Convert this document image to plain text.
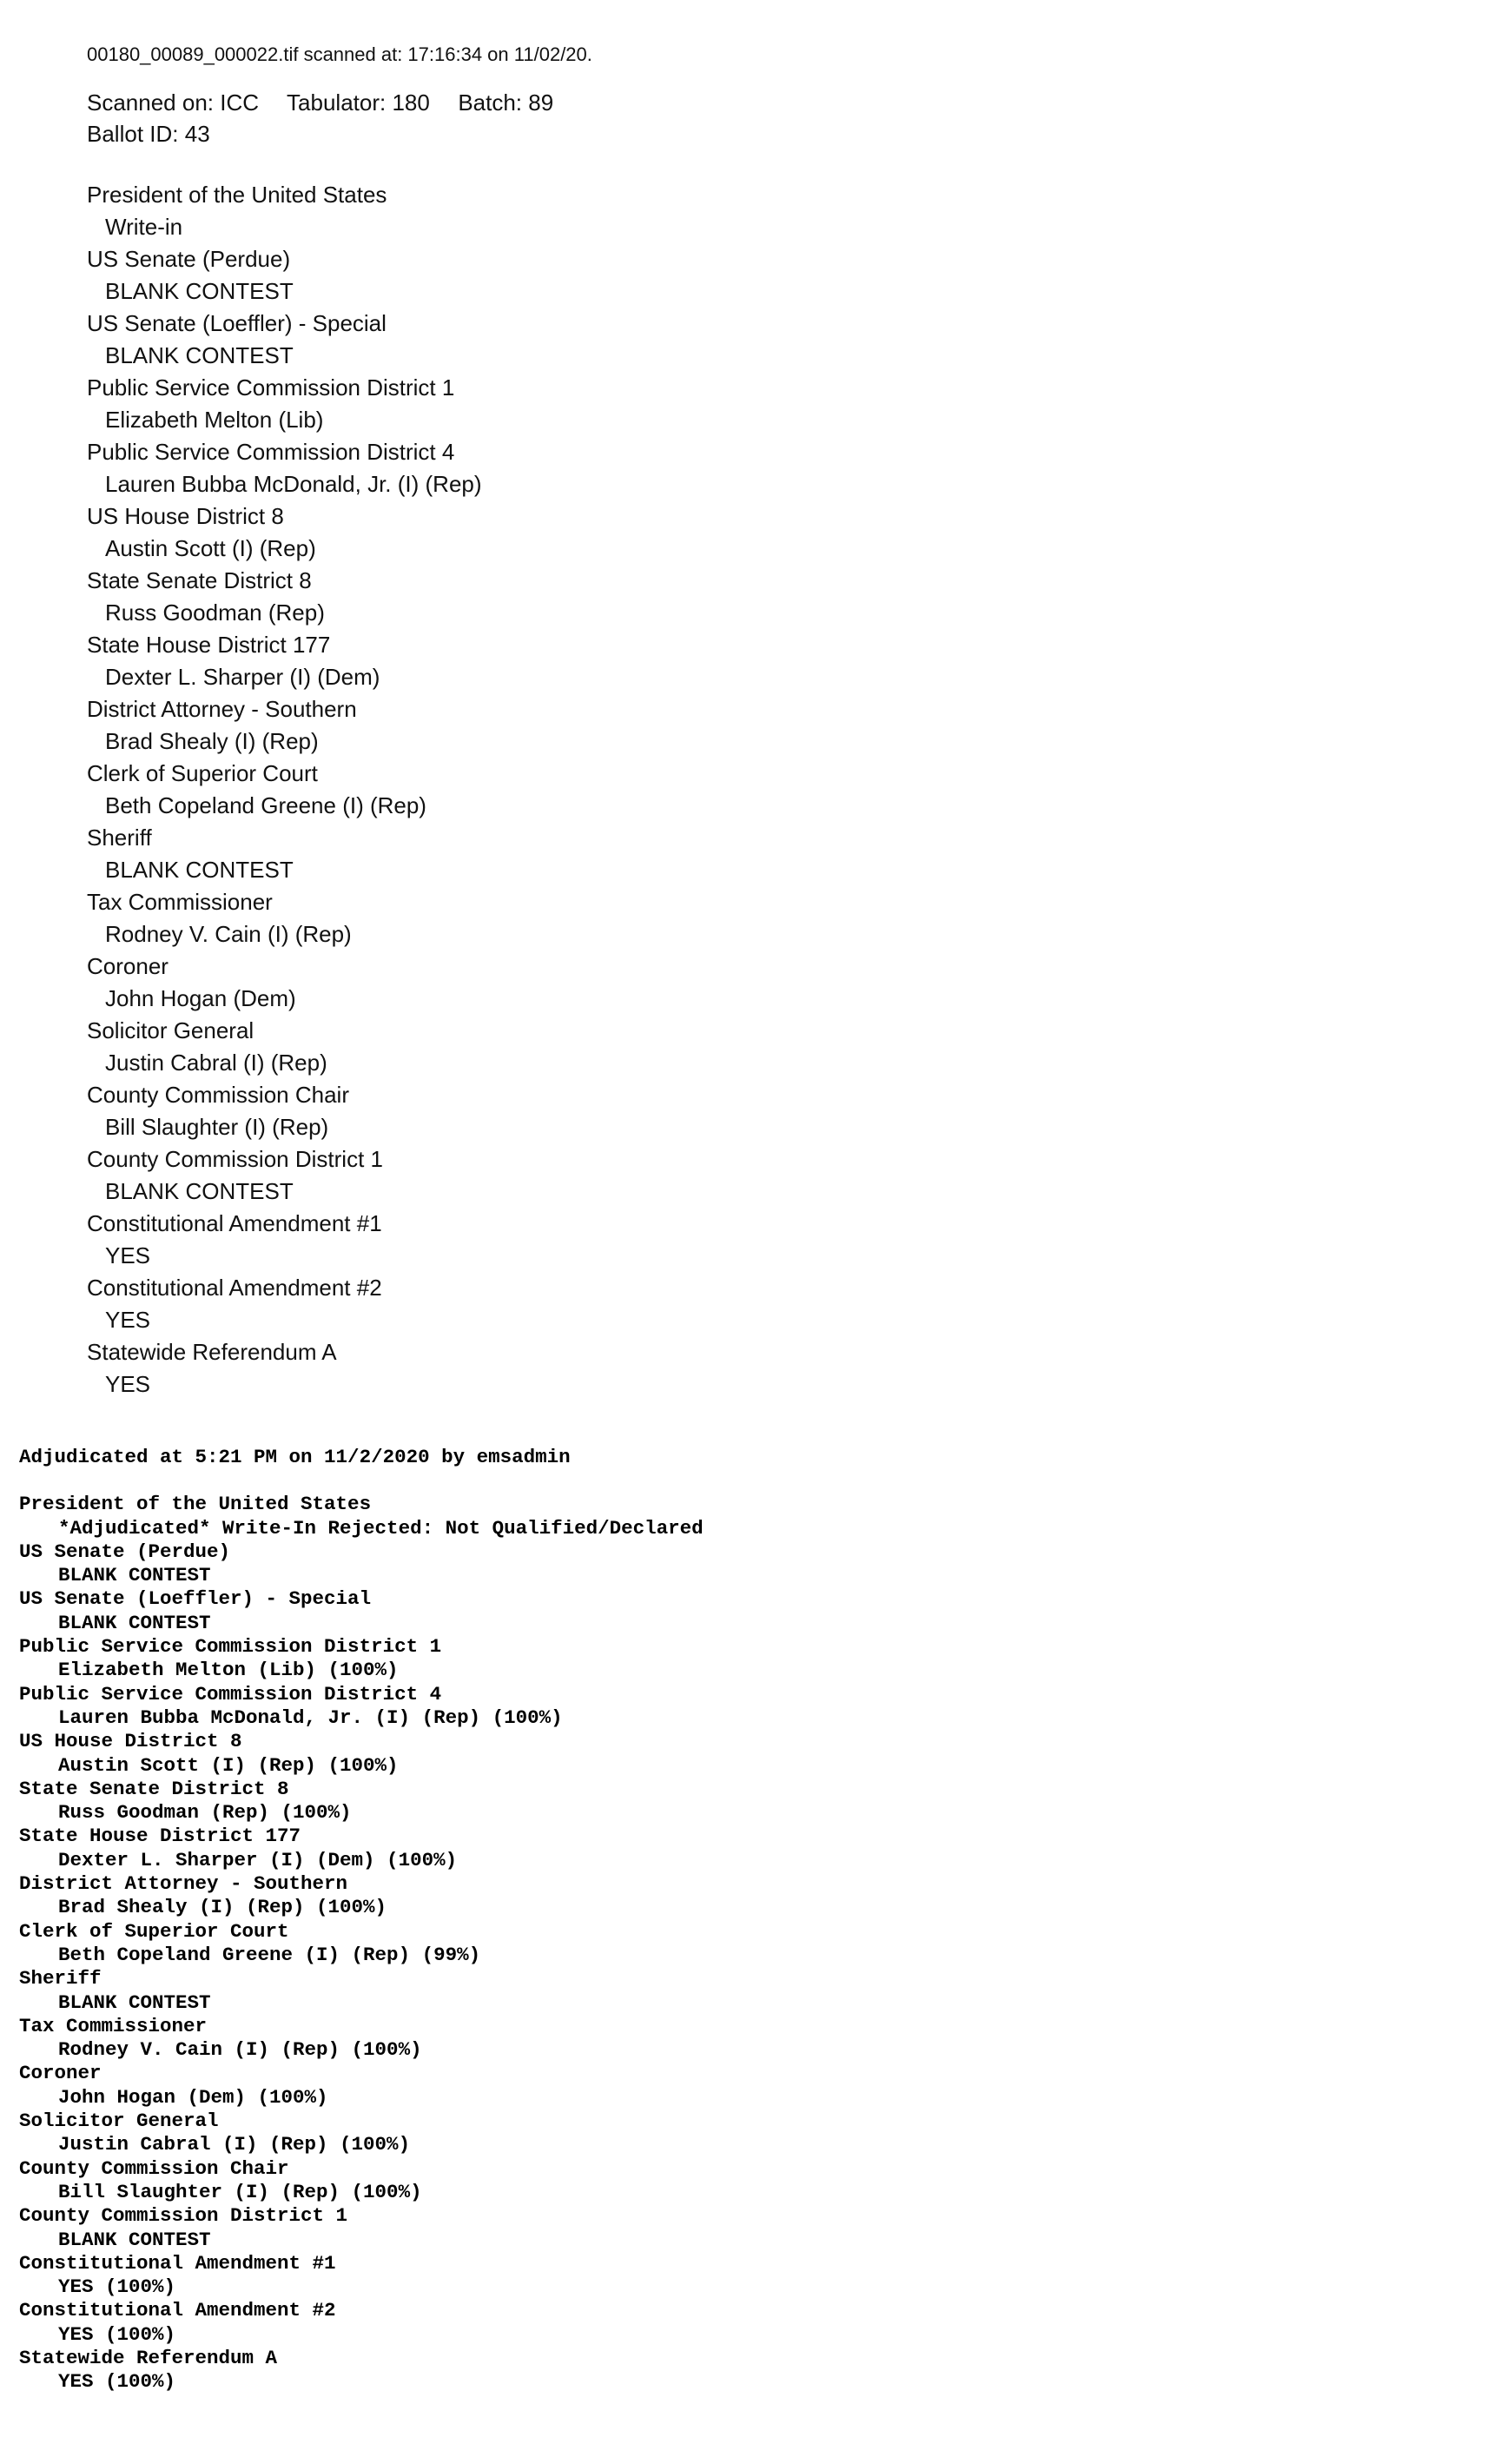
00180_00089_000022.tif scanned at: 17:16:34 on 11/02/20.
Scanned on: ICC Tabulator: 180 Batch: 89
Ballot ID: 43
President of the United States
Write-in
US Senate (Perdue)
BLANK CONTEST
US Senate (Loeffler) - Special
BLANK CONTEST
Public Service Commission District 1
Elizabeth Melton (Lib)
Public Service Commission District 4
Lauren Bubba McDonald, Jr. (I) (Rep)
US House District 8
Austin Scott (I) (Rep)
State Senate District 8
Russ Goodman (Rep)
State House District 177
Dexter L. Sharper (I) (Dem)
District Attorney - Southern
Brad Shealy (I) (Rep)
Clerk of Superior Court
Beth Copeland Greene (I) (Rep)
Sheriff
BLANK CONTEST
Tax Commissioner
Rodney V. Cain (I) (Rep)
Coroner
John Hogan (Dem)
Solicitor General
Justin Cabral (I) (Rep)
County Commission Chair
Bill Slaughter (I) (Rep)
County Commission District 1
BLANK CONTEST
Constitutional Amendment #1
YES
Constitutional Amendment #2
YES
Statewide Referendum A
YES
Adjudicated at 5:21 PM on 11/2/2020 by emsadmin
President of the United States
*Adjudicated* Write-In Rejected: Not Qualified/Declared
US Senate (Perdue)
BLANK CONTEST
US Senate (Loeffler) - Special
BLANK CONTEST
Public Service Commission District 1
Elizabeth Melton (Lib) (100%)
Public Service Commission District 4
Lauren Bubba McDonald, Jr. (I) (Rep) (100%)
US House District 8
Austin Scott (I) (Rep) (100%)
State Senate District 8
Russ Goodman (Rep) (100%)
State House District 177
Dexter L. Sharper (I) (Dem) (100%)
District Attorney - Southern
Brad Shealy (I) (Rep) (100%)
Clerk of Superior Court
Beth Copeland Greene (I) (Rep) (99%)
Sheriff
BLANK CONTEST
Tax Commissioner
Rodney V. Cain (I) (Rep) (100%)
Coroner
John Hogan (Dem) (100%)
Solicitor General
Justin Cabral (I) (Rep) (100%)
County Commission Chair
Bill Slaughter (I) (Rep) (100%)
County Commission District 1
BLANK CONTEST
Constitutional Amendment #1
YES (100%)
Constitutional Amendment #2
YES (100%)
Statewide Referendum A
YES (100%)
